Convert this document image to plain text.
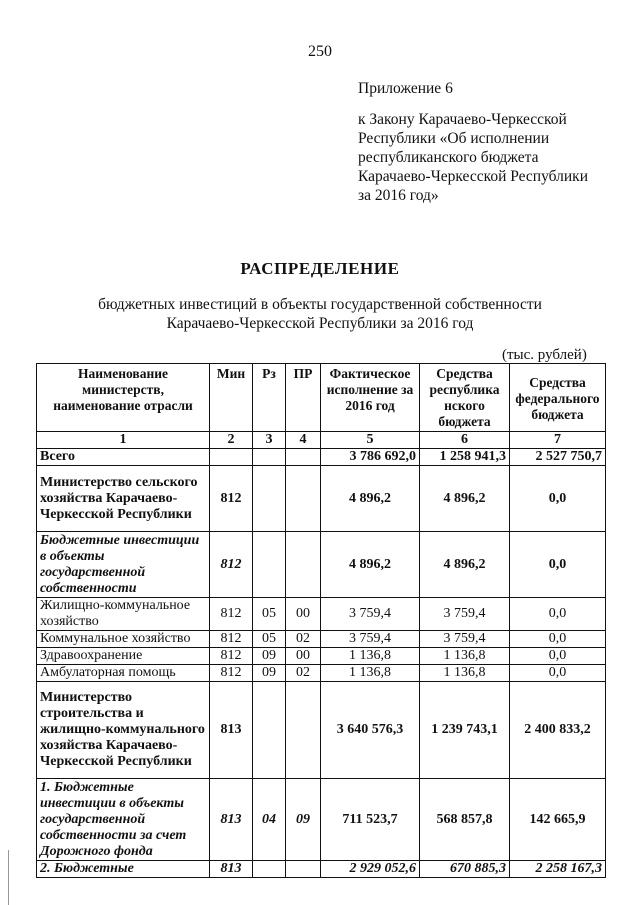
250
Приложение 6
к Закону Карачаево-Черкесской
Республики «Об исполнении
республиканского бюджета
Карачаево-Черкесской Республики
за 2016 год»
РАСПРЕДЕЛЕНИЕ
бюджетных инвестиций в объекты государственной собственности
Карачаево-Черкесской Республики за 2016 год
(тыс. рублей)
Наименование министерств, наименование отрасли	Мин	Рз	ПР	Фактическое исполнение за 2016 год	Средства республика нского бюджета	Средства федерального бюджета
1	2	3	4	5	6	7
Всего				3 786 692,0	1 258 941,3	2 527 750,7
Министерство сельского хозяйства Карачаево-Черкесской Республики	812			4 896,2	4 896,2	0,0
Бюджетные инвестиции в объекты государственной собственности	812			4 896,2	4 896,2	0,0
Жилищно-коммунальное хозяйство	812	05	00	3 759,4	3 759,4	0,0
Коммунальное хозяйство	812	05	02	3 759,4	3 759,4	0,0
Здравоохранение	812	09	00	1 136,8	1 136,8	0,0
Амбулаторная помощь	812	09	02	1 136,8	1 136,8	0,0
Министерство строительства и жилищно-коммунального хозяйства Карачаево-Черкесской Республики	813			3 640 576,3	1 239 743,1	2 400 833,2
1. Бюджетные инвестиции в объекты государственной собственности за счет Дорожного фонда	813	04	09	711 523,7	568 857,8	142 665,9
2. Бюджетные	813			2 929 052,6	670 885,3	2 258 167,3
